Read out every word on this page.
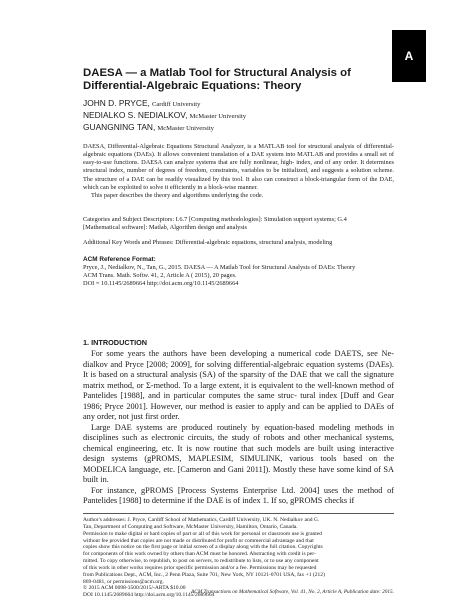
A
DAESA — a Matlab Tool for Structural Analysis of
Differential-Algebraic Equations: Theory
JOHN D. PRYCE, Cardiff University
NEDIALKO S. NEDIALKOV, McMaster University
GUANGNING TAN, McMaster University

DAESA, Differential-Algebraic Equations Structural Analyzer, is a MATLAB tool for structural analysis of differential-algebraic equations (DAEs). It allows convenient translation of a DAE system into MATLAB and provides a small set of easy-to-use functions. DAESA can analyze systems that are fully nonlinear, high- index, and of any order. It determines structural index, number of degrees of freedom, constraints, variables to be initialized, and suggests a solution scheme. The structure of a DAE can be readily visualized by this tool. It also can construct a block-triangular form of the DAE, which can be exploited to solve it efficiently in a block-wise manner.

This paper describes the theory and algorithms underlying the code.

Categories and Subject Descriptors: I.6.7 [Computing methodologies]: Simulation support systems; G.4

[Mathematical software]: Matlab, Algorithm design and analysis

Additional Key Words and Phrases: Differential-algebraic equations, structural analysis, modeling

ACM Reference Format:

Pryce, J., Nedialkov, N., Tan, G., 2015. DAESA — A Matlab Tool for Structural Analysis of DAEs: Theory

ACM Trans. Math. Softw. 41, 2, Article A ( 2015), 20 pages.

DOI = 10.1145/2689664 http://doi.acm.org/10.1145/2689664

1. INTRODUCTION

For some years the authors have been developing a numerical code DAETS, see Ne- dialkov and Pryce [2008; 2009], for solving differential-algebraic equation systems (DAEs). It is based on a structural analysis (SA) of the sparsity of the DAE that we call the signature matrix method, or Σ-method. To a large extent, it is equivalent to the well-known method of Pantelides [1988], and in particular computes the same struc- tural index [Duff and Gear 1986; Pryce 2001]. However, our method is easier to apply and can be applied to DAEs of any order, not just first order.

Large DAE systems are produced routinely by equation-based modeling methods in disciplines such as electronic circuits, the study of robots and other mechanical systems, chemical engineering, etc. It is now routine that such models are built using interactive design systems (gPROMS, MAPLESIM, SIMULINK, various tools based on the MODELICA language, etc. [Cameron and Gani 2011]). Mostly these have some kind of SA built in.

For instance, gPROMS [Process Systems Enterprise Ltd. 2004] uses the method of Pantelides [1988] to determine if the DAE is of index 1. If so, gPROMS checks if

Author's addresses: J. Pryce, Cardiff School of Mathematics, Cardiff University, UK. N. Nedialkov and G.

Tan, Department of Computing and Software, McMaster University, Hamilton, Ontario, Canada.

Permission to make digital or hard copies of part or all of this work for personal or classroom use is granted

without fee provided that copies are not made or distributed for profit or commercial advantage and that

copies show this notice on the first page or initial screen of a display along with the full citation. Copyrights

for components of this work owned by others than ACM must be honored. Abstracting with credit is per-

mitted. To copy otherwise, to republish, to post on servers, to redistribute to lists, or to use any component

of this work in other works requires prior specific permission and/or a fee. Permissions may be requested

from Publications Dept., ACM, Inc., 2 Penn Plaza, Suite 701, New York, NY 10121-0701 USA, fax +1 (212)

869-0481, or permissions@acm.org.

© 2015 ACM 0098-3500/2015/-ARTA $10.00

DOI 10.1145/2689664 http://doi.acm.org/10.1145/2689664

ACM Transactions on Mathematical Software, Vol. 41, No. 2, Article A, Publication date: 2015.
